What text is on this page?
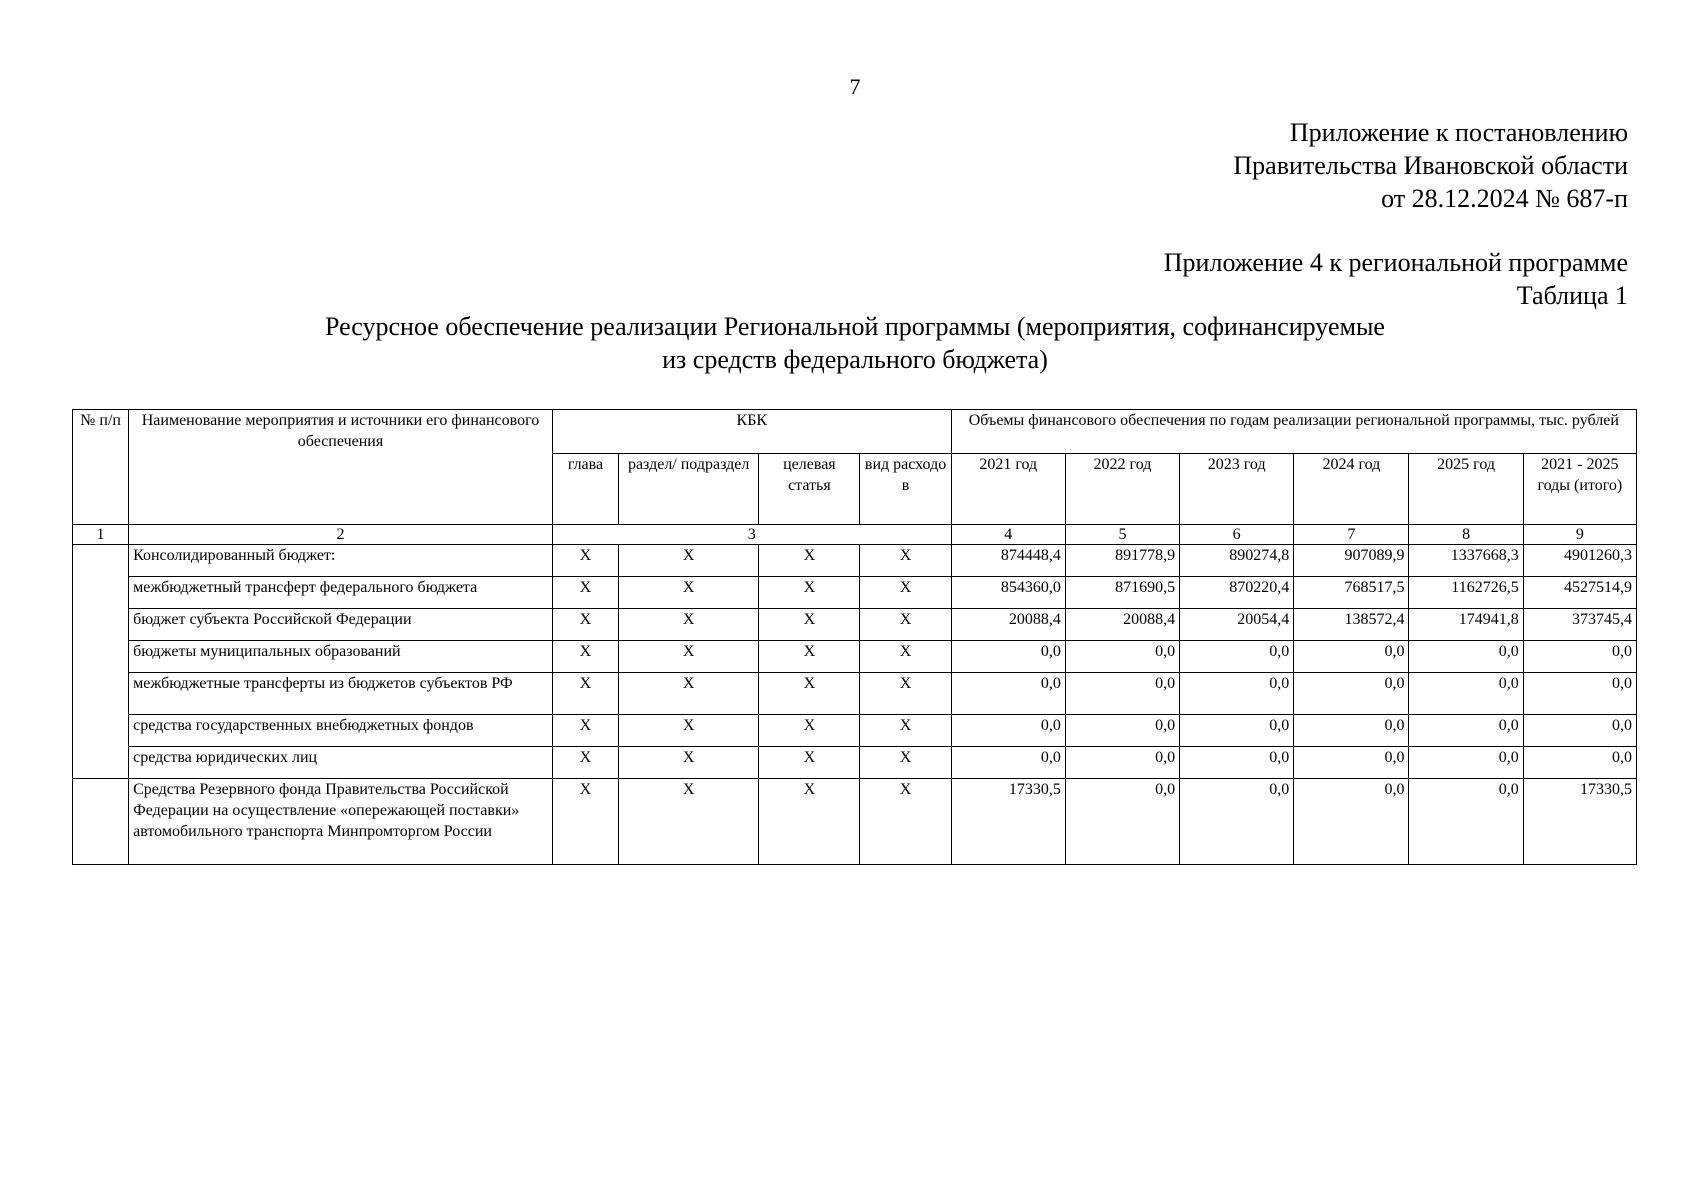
7
Приложение к постановлению
Правительства Ивановской области
от 28.12.2024 № 687-п
Приложение 4 к региональной программе
Таблица 1
Ресурсное обеспечение реализации Региональной программы (мероприятия, софинансируемые
из средств федерального бюджета)
№ п/п	Наименование мероприятия и источники его финансового обеспечения	КБК				Объемы финансового обеспечения по годам реализации региональной программы, тыс. рублей					
		глава	раздел/ подраздел	целевая статья	вид расходо в	2021 год	2022 год	2023 год	2024 год	2025 год	2021 - 2025 годы (итого)
1	2	3				4	5	6	7	8	9
	Консолидированный бюджет:	X	X	X	X	874448,4	891778,9	890274,8	907089,9	1337668,3	4901260,3
	межбюджетный трансферт федерального бюджета	X	X	X	X	854360,0	871690,5	870220,4	768517,5	1162726,5	4527514,9
	бюджет субъекта Российской Федерации	X	X	X	X	20088,4	20088,4	20054,4	138572,4	174941,8	373745,4
	бюджеты муниципальных образований	X	X	X	X	0,0	0,0	0,0	0,0	0,0	0,0
	межбюджетные трансферты из бюджетов субъектов РФ	X	X	X	X	0,0	0,0	0,0	0,0	0,0	0,0
	средства государственных внебюджетных фондов	X	X	X	X	0,0	0,0	0,0	0,0	0,0	0,0
	средства юридических лиц	X	X	X	X	0,0	0,0	0,0	0,0	0,0	0,0
	Средства Резервного фонда Правительства Российской Федерации на осуществление «опережающей поставки» автомобильного транспорта Минпромторгом России	X	X	X	X	17330,5	0,0	0,0	0,0	0,0	17330,5
